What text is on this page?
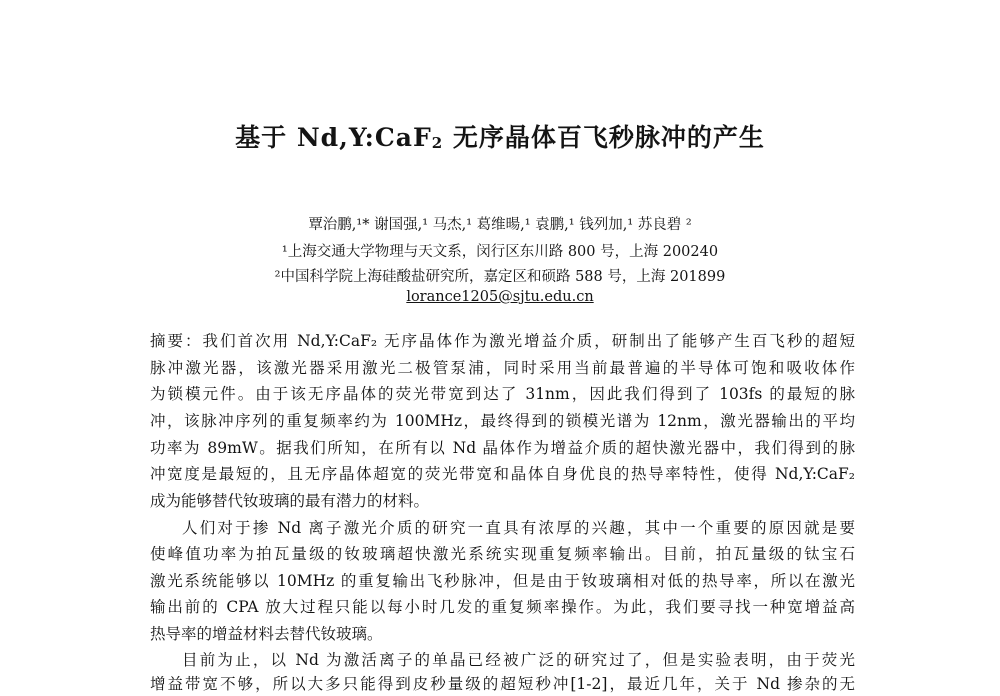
基于 Nd,Y:CaF$_2$ 无序晶体百飞秒脉冲的产生
覃治鹏,¹* 谢国强,¹ 马杰,¹ 葛维暘,¹ 袁鹏,¹ 钱列加,¹ 苏良碧 ²
¹上海交通大学物理与天文系，闵行区东川路 800 号，上海 200240
²中国科学院上海硅酸盐研究所，嘉定区和硕路 588 号，上海 201899
lorance1205@sjtu.edu.cn

摘要：我们首次用 Nd,Y:CaF₂ 无序晶体作为激光增益介质，研制出了能够产生百飞秒的超短

脉冲激光器，该激光器采用激光二极管泵浦，同时采用当前最普遍的半导体可饱和吸收体作

为锁模元件。由于该无序晶体的荧光带宽到达了 31nm，因此我们得到了 103fs 的最短的脉

冲，该脉冲序列的重复频率约为 100MHz，最终得到的锁模光谱为 12nm，激光器输出的平均

功率为 89mW。据我们所知，在所有以 Nd 晶体作为增益介质的超快激光器中，我们得到的脉

冲宽度是最短的，且无序晶体超宽的荧光带宽和晶体自身优良的热导率特性，使得 Nd,Y:CaF₂

成为能够替代钕玻璃的最有潜力的材料。

人们对于掺 Nd 离子激光介质的研究一直具有浓厚的兴趣，其中一个重要的原因就是要

使峰值功率为拍瓦量级的钕玻璃超快激光系统实现重复频率输出。目前，拍瓦量级的钛宝石

激光系统能够以 10MHz 的重复输出飞秒脉冲，但是由于钕玻璃相对低的热导率，所以在激光

输出前的 CPA 放大过程只能以每小时几发的重复频率操作。为此，我们要寻找一种宽增益高

热导率的增益材料去替代钕玻璃。

目前为止，以 Nd 为激活离子的单晶已经被广泛的研究过了，但是实验表明，由于荧光

增益带宽不够，所以大多只能得到皮秒量级的超短秒冲[1-2]，最近几年，关于 Nd 掺杂的无
